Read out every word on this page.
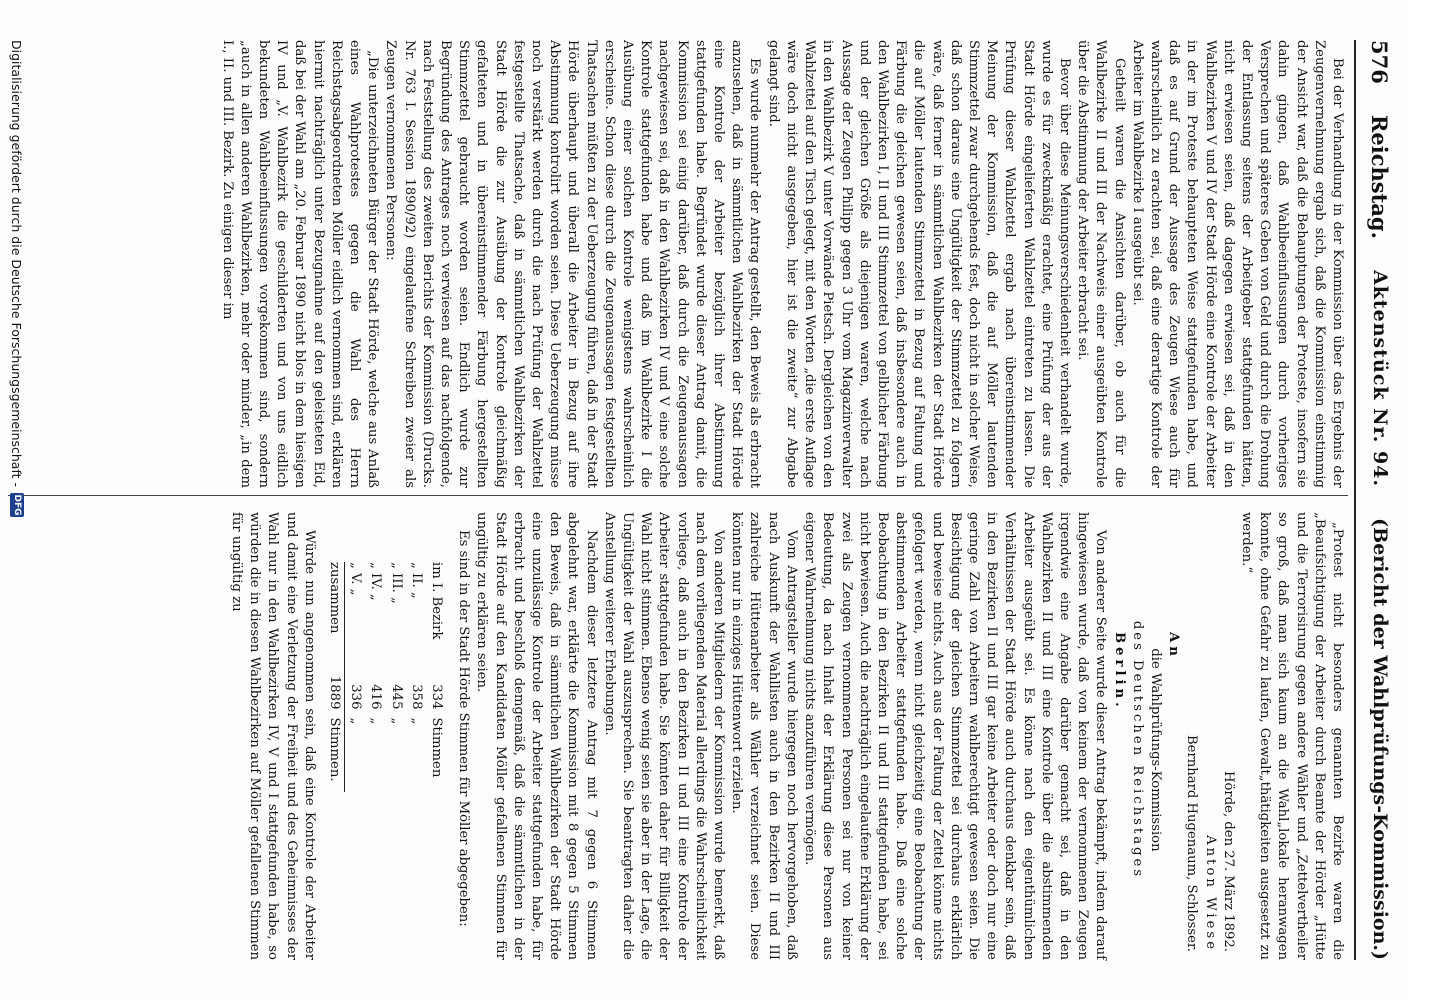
576
Reichstag.
Aktenstück Nr. 94.
(Bericht der Wahlprüfungs-Kommission.)

Bei der Verhandlung in der Kommission über das Ergebnis der Zeugenvernehmung ergab sich, daß die Kommission einstimmig der Ansicht war, daß die Behauptungen der Proteste, insofern sie dahin gingen, daß Wahlbeeinflussungen durch vorheriges Versprechen und späteres Geben von Geld und durch die Drohung der Entlassung seitens der Arbeitgeber stattgefunden hätten, nicht erwiesen seien, daß dagegen erwiesen sei, daß in den Wahlbezirken V und IV der Stadt Hörde eine Kontrole der Arbeiter in der im Proteste behaupteten Weise stattgefunden habe, und daß es auf Grund der Aussage des Zeugen Wiese auch für wahrscheinlich zu erachten sei, daß eine derartige Kontrole der Arbeiter im Wahlbezirke I ausgeübt sei.

Getheilt waren die Ansichten darüber, ob auch für die Wahlbezirke II und III der Nachweis einer ausgeübten Kontrole über die Abstimmung der Arbeiter erbracht sei.

Bevor über diese Meinungsverschiedenheit verhandelt wurde, wurde es für zweckmäßig erachtet, eine Prüfung der aus der Stadt Hörde eingelieferten Wahlzettel eintreten zu lassen. Die Prüfung dieser Wahlzettel ergab nach übereinstimmender Meinung der Kommission, daß die auf Möller lautenden Stimmzettel zwar durchgehends fest, doch nicht in solcher Weise, daß schon daraus eine Ungültigkeit der Stimmzettel zu folgern wäre, daß ferner in sämmtlichen Wahlbezirken der Stadt Hörde die auf Möller lautenden Stimmzettel in Bezug auf Faltung und Färbung die gleichen gewesen seien, daß insbesondere auch in den Wahlbezirken I, II und III Stimmzettel von gelblicher Färbung und der gleichen Größe als diejenigen waren, welche nach Aussage der Zeugen Philipp gegen 3 Uhr vom Magazinverwalter in den Wahlbezirk V unter Vorwände Pietsch. Dergleichen von den Wahlzettel auf den Tisch gelegt, mit den Worten „die erste Auflage wäre doch nicht ausgegeben, hier ist die zweite“ zur Abgabe gelangt sind.

Es wurde nunmehr der Antrag gestellt, den Beweis als erbracht anzusehen, daß in sämmtlichen Wahlbezirken der Stadt Hörde eine Kontrole der Arbeiter bezüglich ihrer Abstimmung stattgefunden habe. Begründet wurde dieser Antrag damit, die Kommission sei einig darüber, daß durch die Zeugenaussagen nachgewiesen sei, daß in den Wahlbezirken IV und V eine solche Kontrole stattgefunden habe und daß im Wahlbezirke I die Ausübung einer solchen Kontrole wenigstens wahrscheinlich erscheine. Schon diese durch die Zeugenaussagen festgestellten Thatsachen müßten zu der Ueberzeugung führen, daß in der Stadt Hörde überhaupt und überall die Arbeiter in Bezug auf ihre Abstimmung kontrolirt worden seien. Diese Ueberzeugung müsse noch verstärkt werden durch die nach Prüfung der Wahlzettel festgestellte Thatsache, daß in sämmtlichen Wahlbezirken der Stadt Hörde die zur Ausübung der Kontrole gleichmäßig gefalteten und in übereinstimmender Färbung hergestellten Stimmzettel gebraucht worden seien. Endlich wurde zur Begründung des Antrages noch verwiesen auf das nachfolgende, nach Feststellung des zweiten Berichts der Kommission (Drucks. Nr. 763 I. Session 1890/92) eingelaufene Schreiben zweier als Zeugen vernommenen Personen:

„Die unterzeichneten Bürger der Stadt Hörde, welche aus Anlaß eines Wahlprotestes gegen die Wahl des Herrn Reichstagsabgeordneten Möller eidlich vernommen sind, erklären hiermit nachträglich unter Bezugnahme auf den geleisteten Eid, daß bei der Wahl am „20. Februar 1890 nicht blos in dem hiesigen IV und „V. Wahlbezirk die geschilderten und von uns eidlich bekundeten Wahlbeeinflussungen vorgekommen sind, sondern „auch in allen anderen Wahlbezirken, mehr oder minder, „in dem I., II. und III. Bezirk. Zu einigen dieser im

„Protest nicht besonders genannten Bezirke waren die „Beaufsichtigung der Arbeiter durch Beamte der Hörder „Hütte und die Terrorisirung gegen andere Wähler und „Zettelvertheiler so groß, daß man sich kaum an die Wahl„lokale heranwagen konnte, ohne Gefahr zu laufen, Gewalt„thätigkeiten ausgesetzt zu werden.“

Hörde, den 27. März 1892.

Anton Wiese

Bernhard Hugenaum, Schlosser.

An

die Wahlprüfungs-Kommission

des Deutschen Reichstages

Berlin.

Von anderer Seite wurde dieser Antrag bekämpft, indem darauf hingewiesen wurde, daß von keinem der vernommenen Zeugen irgendwie eine Angabe darüber gemacht sei, daß in den Wahlbezirken II und III eine Kontrole über die abstimmenden Arbeiter ausgeübt sei. Es könne nach den eigenthümlichen Verhältnissen der Stadt Hörde auch durchaus denkbar sein, daß in den Bezirken II und III gar keine Arbeiter oder doch nur eine geringe Zahl von Arbeitern wahlberechtigt gewesen seien. Die Besichtigung der gleichen Stimmzettel sei durchaus erklärlich und beweise nichts. Auch aus der Faltung der Zettel könne nichts gefolgert werden, wenn nicht gleichzeitig eine Beobachtung der abstimmenden Arbeiter stattgefunden habe. Daß eine solche Beobachtung in den Bezirken II und III stattgefunden habe, sei nicht bewiesen. Auch die nachträglich eingelaufene Erklärung der zwei als Zeugen vernommenen Personen sei nur von keiner Bedeutung, da nach Inhalt der Erklärung diese Personen aus eigener Wahrnehmung nichts anzuführen vermögen.

Vom Antragsteller wurde hiergegen noch hervorgehoben, daß nach Auskunft der Wahllisten auch in den Bezirken II und III zahlreiche Hüttenarbeiter als Wähler verzeichnet seien. Diese könnten nur in einziges Hüttenwort erzielen.

Von anderen Mitgliedern der Kommission wurde bemerkt, daß nach dem vorliegenden Material allerdings die Wahrscheinlichkeit vorliege, daß auch in den Bezirken II und III eine Kontrole der Arbeiter stattgefunden habe. Sie könnten daher für Billigkeit der Wahl nicht stimmen. Ebenso wenig seien sie aber in der Lage, die Ungültigkeit der Wahl auszusprechen. Sie beantragten daher die Anstellung weiterer Erhebungen.

Nachdem dieser letztere Antrag mit 7 gegen 6 Stimmen abgelehnt war, erklärte die Kommission mit 8 gegen 5 Stimmen den Beweis, daß in sämmtlichen Wahlbezirken der Stadt Hörde eine unzulässige Kontrole der Arbeiter stattgefunden habe, für erbracht und beschloß demgemäß, daß die sämmtlichen in der Stadt Hörde auf den Kandidaten Möller gefallenen Stimmen für ungültig zu erklären seien.

Es sind in der Stadt Hörde Stimmen für Möller abgegeben:

im I. Bezirk	334	Stimmen
„ II. „	358	„
„ III. „	445	„
„ IV. „	416	„
„ V. „	336	„
zusammen	1889	Stimmen.

Würde nun angenommen sein, daß eine Kontrole der Arbeiter und damit eine Verletzung der Freiheit und des Geheimnisses der Wahl nur in den Wahlbezirken IV, V und I stattgefunden habe, so würden die in diesen Wahlbezirken auf Möller gefallenen Stimmen für ungültig zu

Digitalisierung gefördert durch die Deutsche Forschungsgemeinschaft -
DFG
